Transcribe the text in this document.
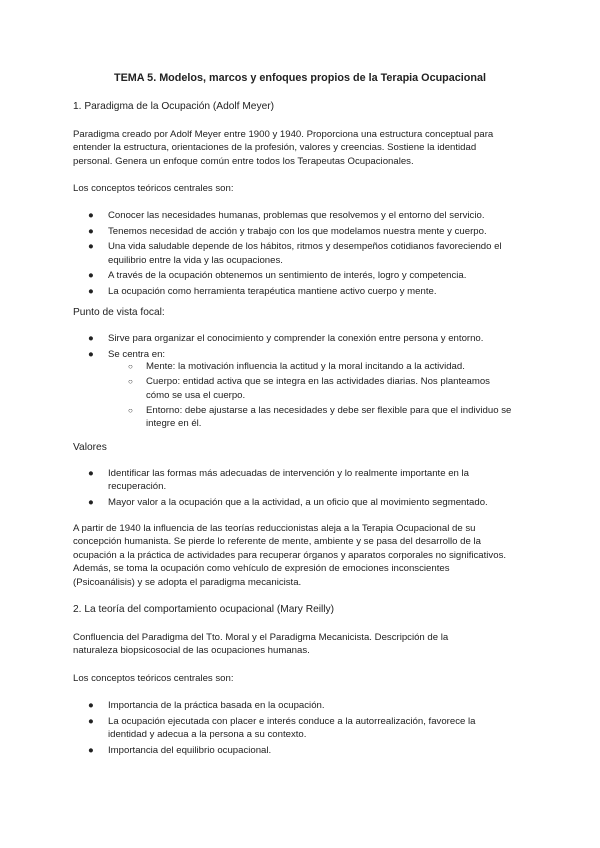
TEMA 5. Modelos, marcos y enfoques propios de la Terapia Ocupacional
1. Paradigma de la Ocupación (Adolf Meyer)
Paradigma creado por Adolf Meyer entre 1900 y 1940. Proporciona una estructura conceptual para
entender la estructura, orientaciones de la profesión, valores y creencias. Sostiene la identidad
personal. Genera un enfoque común entre todos los Terapeutas Ocupacionales.
Los conceptos teóricos centrales son:
● Conocer las necesidades humanas, problemas que resolvemos y el entorno del servicio.
● Tenemos necesidad de acción y trabajo con los que modelamos nuestra mente y cuerpo.
● Una vida saludable depende de los hábitos, ritmos y desempeños cotidianos favoreciendo el
equilibrio entre la vida y las ocupaciones.
● A través de la ocupación obtenemos un sentimiento de interés, logro y competencia.
● La ocupación como herramienta terapéutica mantiene activo cuerpo y mente.
Punto de vista focal:
● Sirve para organizar el conocimiento y comprender la conexión entre persona y entorno.
● Se centra en:
○ Mente: la motivación influencia la actitud y la moral incitando a la actividad.
○ Cuerpo: entidad activa que se integra en las actividades diarias. Nos planteamos
cómo se usa el cuerpo.
○ Entorno: debe ajustarse a las necesidades y debe ser flexible para que el individuo se
integre en él.
Valores
● Identificar las formas más adecuadas de intervención y lo realmente importante en la
recuperación.
● Mayor valor a la ocupación que a la actividad, a un oficio que al movimiento segmentado.
A partir de 1940 la influencia de las teorías reduccionistas aleja a la Terapia Ocupacional de su
concepción humanista. Se pierde lo referente de mente, ambiente y se pasa del desarrollo de la
ocupación a la práctica de actividades para recuperar órganos y aparatos corporales no significativos.
Además, se toma la ocupación como vehículo de expresión de emociones inconscientes
(Psicoanálisis) y se adopta el paradigma mecanicista.
2. La teoría del comportamiento ocupacional (Mary Reilly)
Confluencia del Paradigma del Tto. Moral y el Paradigma Mecanicista. Descripción de la
naturaleza biopsicosocial de las ocupaciones humanas.
Los conceptos teóricos centrales son:
● Importancia de la práctica basada en la ocupación.
● La ocupación ejecutada con placer e interés conduce a la autorrealización, favorece la
identidad y adecua a la persona a su contexto.
● Importancia del equilibrio ocupacional.
